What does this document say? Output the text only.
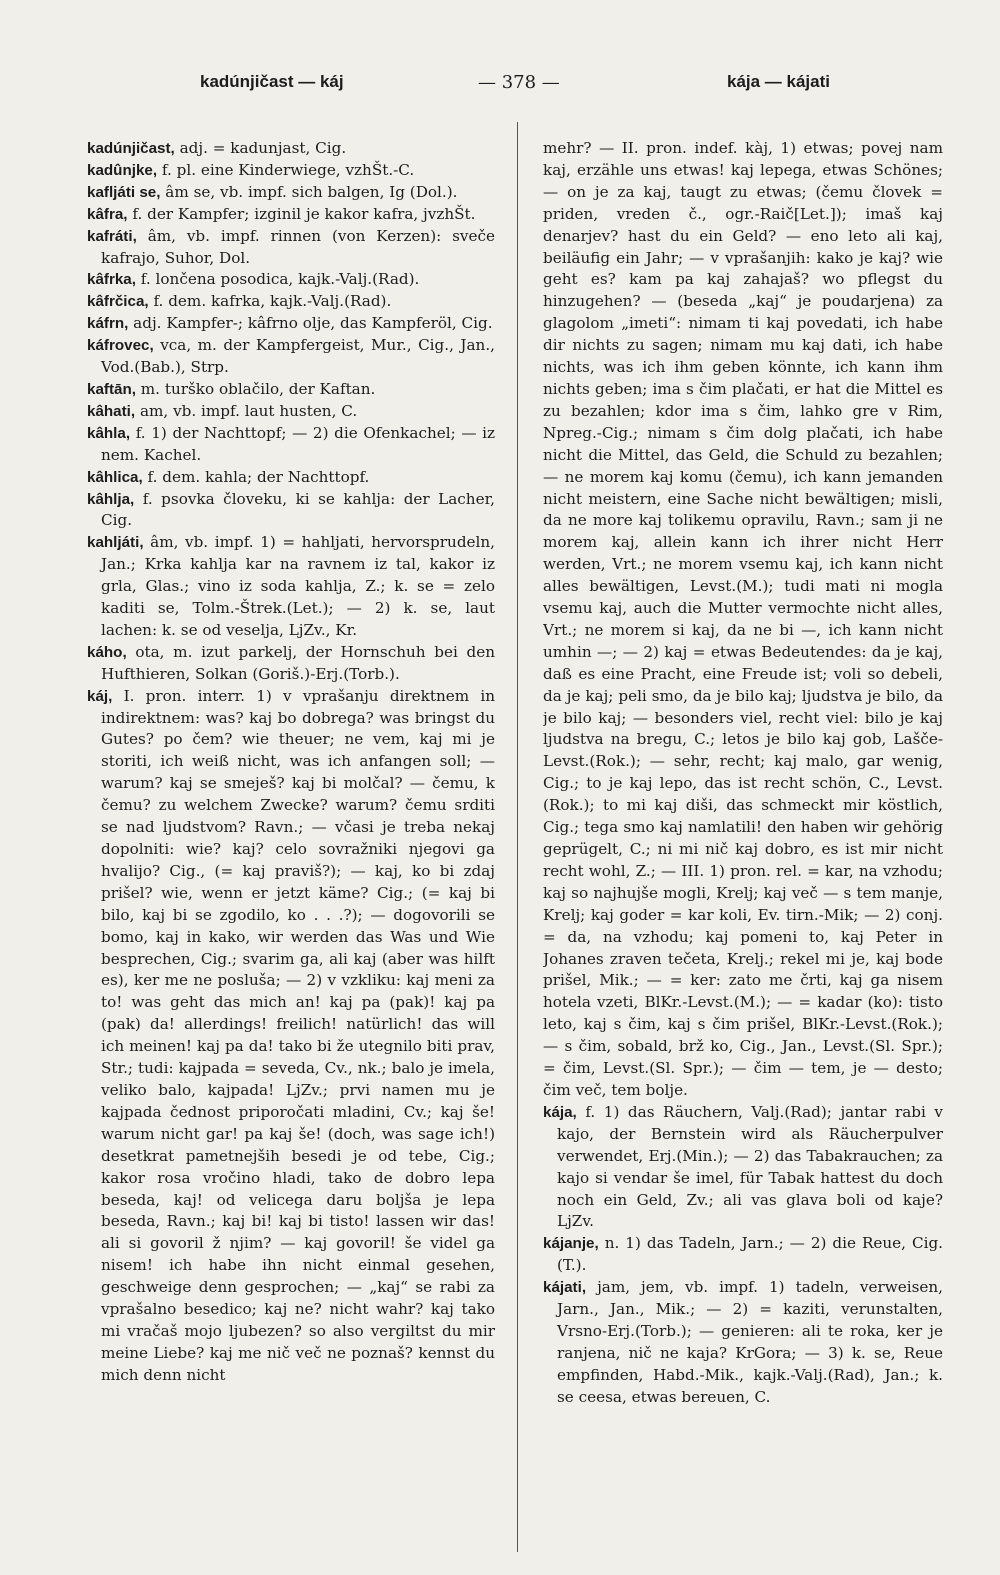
kadúnjičast — káj	— 378 —	kája — kájati

kadúnjičast, adj. = kadunjast, Cig.

kadûnjke, f. pl. eine Kinderwiege, vzhŠt.-C.

kafljáti se, âm se, vb. impf. sich balgen, Ig (Dol.).

kâfra, f. der Kampfer; izginil je kakor kafra, jvzhŠt.

kafráti, âm, vb. impf. rinnen (von Kerzen): sveče kafrajo, Suhor, Dol.

kâfrka, f. lončena posodica, kajk.-Valj.(Rad).

kâfrčica, f. dem. kafrka, kajk.-Valj.(Rad).

káfrn, adj. Kampfer-; kâfrno olje, das Kampferöl, Cig.

káfrovec, vca, m. der Kampfergeist, Mur., Cig., Jan., Vod.(Bab.), Strp.

kaftān, m. turško oblačilo, der Kaftan.

kâhati, am, vb. impf. laut husten, C.

kâhla, f. 1) der Nachttopf; — 2) die Ofenkachel; — iz nem. Kachel.

kâhlica, f. dem. kahla; der Nachttopf.

kâhlja, f. psovka človeku, ki se kahlja: der Lacher, Cig.

kahljáti, âm, vb. impf. 1) = hahljati, hervorsprudeln, Jan.; Krka kahlja kar na ravnem iz tal, kakor iz grla, Glas.; vino iz soda kahlja, Z.; k. se = zelo kaditi se, Tolm.-Štrek.(Let.); — 2) k. se, laut lachen: k. se od veselja, LjZv., Kr.

káho, ota, m. izut parkelj, der Hornschuh bei den Hufthieren, Solkan (Goriš.)-Erj.(Torb.).

káj, I. pron. interr. 1) v vprašanju direktnem in indirektnem: was? kaj bo dobrega? was bringst du Gutes? po čem? wie theuer; ne vem, kaj mi je storiti, ich weiß nicht, was ich anfangen soll; — warum? kaj se smeješ? kaj bi molčal? — čemu, k čemu? zu welchem Zwecke? warum? čemu srditi se nad ljudstvom? Ravn.; — včasi je treba nekaj dopolniti: wie? kaj? celo sovražniki njegovi ga hvalijo? Cig., (= kaj praviš?); — kaj, ko bi zdaj prišel? wie, wenn er jetzt käme? Cig.; (= kaj bi bilo, kaj bi se zgodilo, ko . . .?); — dogovorili se bomo, kaj in kako, wir werden das Was und Wie besprechen, Cig.; svarim ga, ali kaj (aber was hilft es), ker me ne posluša; — 2) v vzkliku: kaj meni za to! was geht das mich an! kaj pa (pak)! kaj pa (pak) da! allerdings! freilich! natürlich! das will ich meinen! kaj pa da! tako bi že utegnilo biti prav, Str.; tudi: kajpada = seveda, Cv., nk.; balo je imela, veliko balo, kajpada! LjZv.; prvi namen mu je kajpada čednost priporočati mladini, Cv.; kaj še! warum nicht gar! pa kaj še! (doch, was sage ich!) desetkrat pametnejših besedi je od tebe, Cig.; kakor rosa vročino hladi, tako de dobro lepa beseda, kaj! od velicega daru boljša je lepa beseda, Ravn.; kaj bi! kaj bi tisto! lassen wir das! ali si govoril ž njim? — kaj govoril! še videl ga nisem! ich habe ihn nicht einmal gesehen, geschweige denn gesprochen; — „kaj“ se rabi za vprašalno besedico; kaj ne? nicht wahr? kaj tako mi vračaš mojo ljubezen? so also vergiltst du mir meine Liebe? kaj me nič več ne poznaš? kennst du mich denn nicht

mehr? — II. pron. indef. kàj, 1) etwas; povej nam kaj, erzähle uns etwas! kaj lepega, etwas Schönes; — on je za kaj, taugt zu etwas; (čemu človek = priden, vreden č., ogr.-Raič[Let.]); imaš kaj denarjev? hast du ein Geld? — eno leto ali kaj, beiläufig ein Jahr; — v vprašanjih: kako je kaj? wie geht es? kam pa kaj zahajaš? wo pflegst du hinzugehen? — (beseda „kaj“ je poudarjena) za glagolom „imeti“: nimam ti kaj povedati, ich habe dir nichts zu sagen; nimam mu kaj dati, ich habe nichts, was ich ihm geben könnte, ich kann ihm nichts geben; ima s čim plačati, er hat die Mittel es zu bezahlen; kdor ima s čim, lahko gre v Rim, Npreg.-Cig.; nimam s čim dolg plačati, ich habe nicht die Mittel, das Geld, die Schuld zu bezahlen; — ne morem kaj komu (čemu), ich kann jemanden nicht meistern, eine Sache nicht bewältigen; misli, da ne more kaj tolikemu opravilu, Ravn.; sam ji ne morem kaj, allein kann ich ihrer nicht Herr werden, Vrt.; ne morem vsemu kaj, ich kann nicht alles bewältigen, Levst.(M.); tudi mati ni mogla vsemu kaj, auch die Mutter vermochte nicht alles, Vrt.; ne morem si kaj, da ne bi —, ich kann nicht umhin —; — 2) kaj = etwas Bedeutendes: da je kaj, daß es eine Pracht, eine Freude ist; voli so debeli, da je kaj; peli smo, da je bilo kaj; ljudstva je bilo, da je bilo kaj; — besonders viel, recht viel: bilo je kaj ljudstva na bregu, C.; letos je bilo kaj gob, Lašče-Levst.(Rok.); — sehr, recht; kaj malo, gar wenig, Cig.; to je kaj lepo, das ist recht schön, C., Levst.(Rok.); to mi kaj diši, das schmeckt mir köstlich, Cig.; tega smo kaj namlatili! den haben wir gehörig geprügelt, C.; ni mi nič kaj dobro, es ist mir nicht recht wohl, Z.; — III. 1) pron. rel. = kar, na vzhodu; kaj so najhujše mogli, Krelj; kaj več — s tem manje, Krelj; kaj goder = kar koli, Ev. tirn.-Mik; — 2) conj. = da, na vzhodu; kaj pomeni to, kaj Peter in Johanes zraven tečeta, Krelj.; rekel mi je, kaj bode prišel, Mik.; — = ker: zato me črti, kaj ga nisem hotela vzeti, BlKr.-Levst.(M.); — = kadar (ko): tisto leto, kaj s čim, kaj s čim prišel, BlKr.-Levst.(Rok.); — s čim, sobald, brž ko, Cig., Jan., Levst.(Sl. Spr.); = čim, Levst.(Sl. Spr.); — čim — tem, je — desto; čim več, tem bolje.

kája, f. 1) das Räuchern, Valj.(Rad); jantar rabi v kajo, der Bernstein wird als Räucherpulver verwendet, Erj.(Min.); — 2) das Tabakrauchen; za kajo si vendar še imel, für Tabak hattest du doch noch ein Geld, Zv.; ali vas glava boli od kaje? LjZv.

kájanje, n. 1) das Tadeln, Jarn.; — 2) die Reue, Cig.(T.).

kájati, jam, jem, vb. impf. 1) tadeln, verweisen, Jarn., Jan., Mik.; — 2) = kaziti, verunstalten, Vrsno-Erj.(Torb.); — genieren: ali te roka, ker je ranjena, nič ne kaja? KrGora; — 3) k. se, Reue empfinden, Habd.-Mik., kajk.-Valj.(Rad), Jan.; k. se ceesa, etwas bereuen, C.
